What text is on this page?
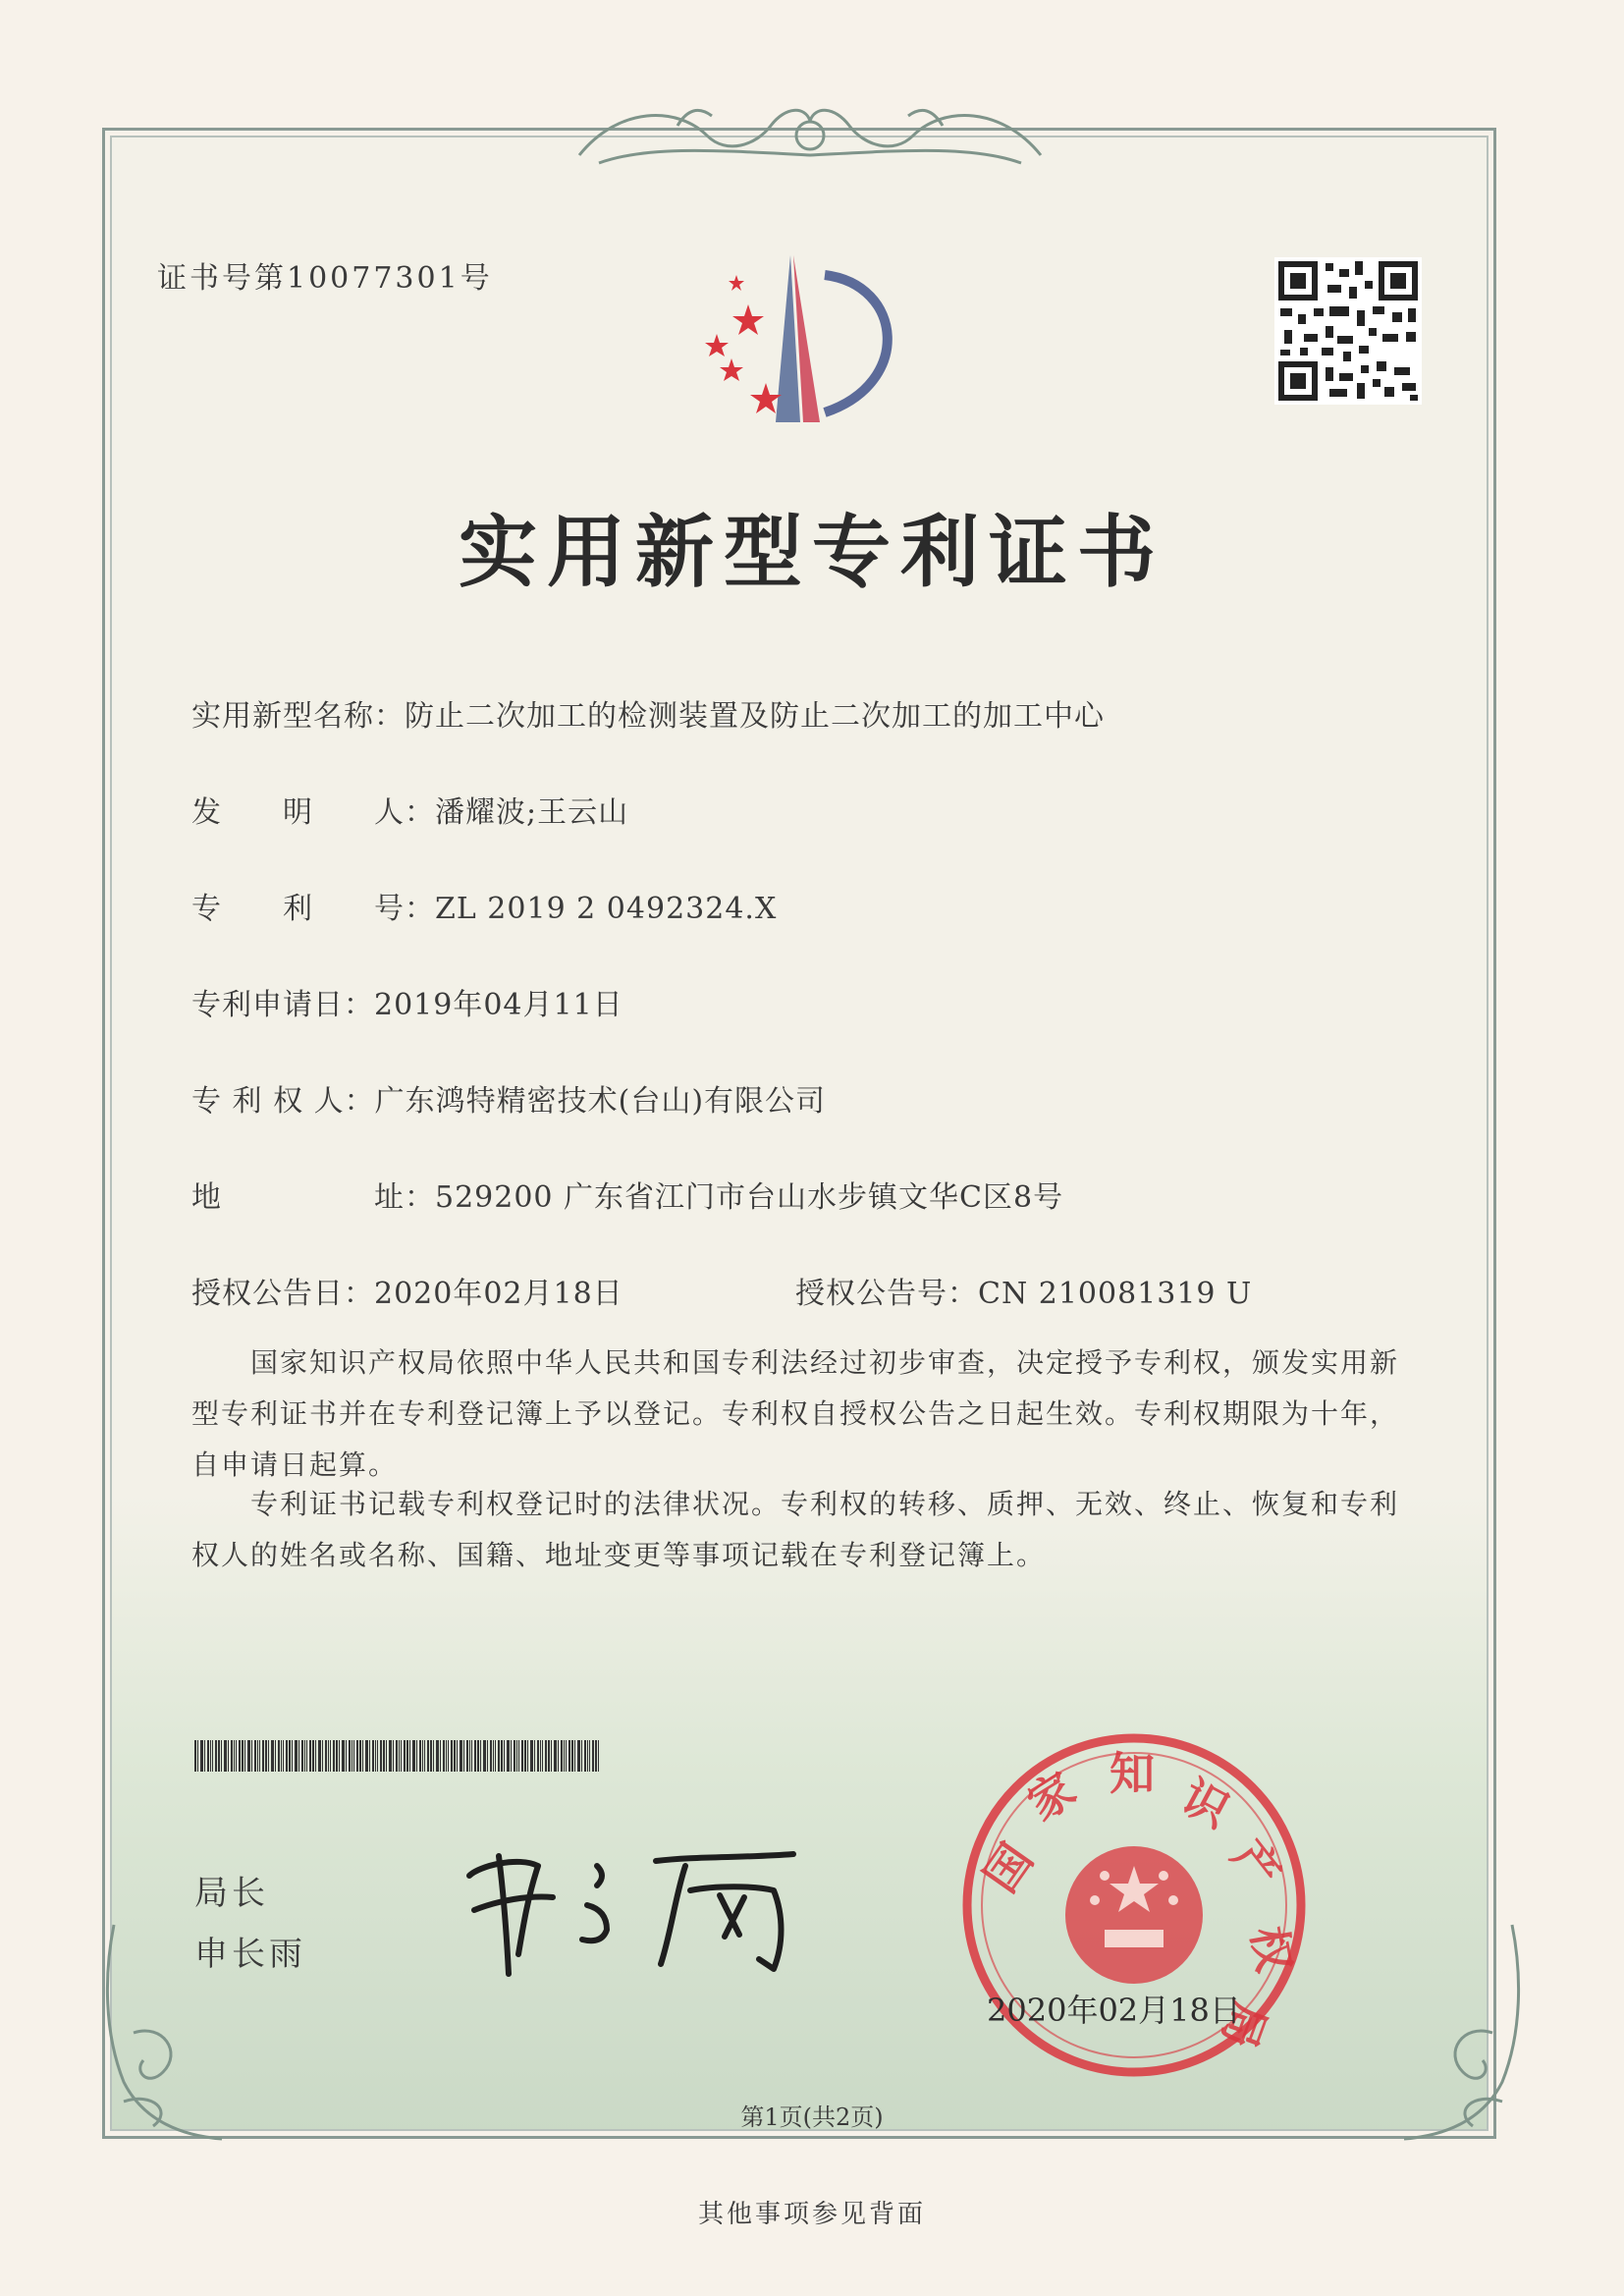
证书号第10077301号
实用新型专利证书
实用新型名称：防止二次加工的检测装置及防止二次加工的加工中心
发　　明　　人：潘耀波;王云山
专　　利　　号：ZL 2019 2 0492324.X
专利申请日：2019年04月11日
专 利 权 人：广东鸿特精密技术(台山)有限公司
地　　　　　址：529200 广东省江门市台山水步镇文华C区8号
授权公告日：2020年02月18日	授权公告号：CN 210081319 U
　　国家知识产权局依照中华人民共和国专利法经过初步审查，决定授予专利权，颁发实用新型专利证书并在专利登记簿上予以登记。专利权自授权公告之日起生效。专利权期限为十年，自申请日起算。
　　专利证书记载专利权登记时的法律状况。专利权的转移、质押、无效、终止、恢复和专利权人的姓名或名称、国籍、地址变更等事项记载在专利登记簿上。
局长
申长雨
国
家 知 识
产
权
局
2020年02月18日
第1页(共2页)
其他事项参见背面
